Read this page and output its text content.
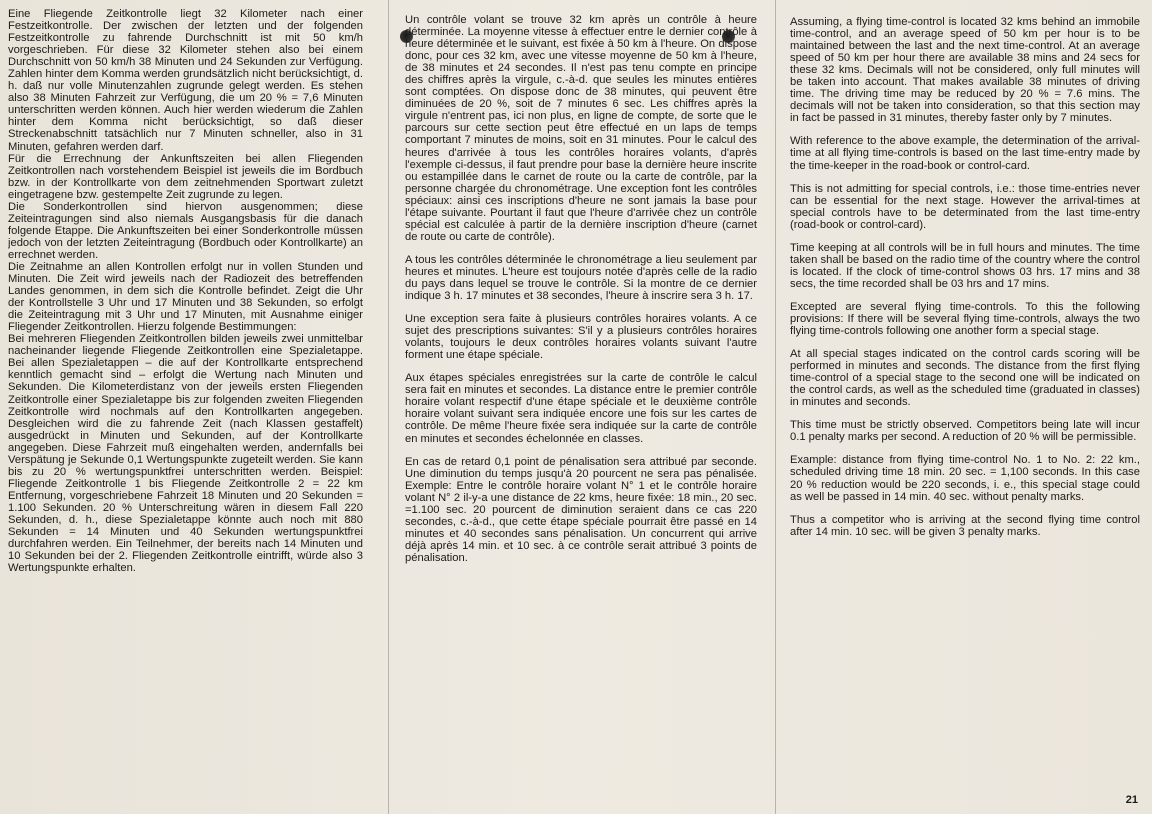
Eine Fliegende Zeitkontrolle liegt 32 Kilometer nach einer Festzeitkontrolle. Der zwischen der letzten und der folgenden Festzeitkontrolle zu fahrende Durchschnitt ist mit 50 km/h vorgeschrieben. Für diese 32 Kilometer stehen also bei einem Durchschnitt von 50 km/h 38 Minuten und 24 Sekunden zur Verfügung. Zahlen hinter dem Komma werden grundsätzlich nicht berücksichtigt, d. h. daß nur volle Minutenzahlen zugrunde gelegt werden. Es stehen also 38 Minuten Fahrzeit zur Verfügung, die um 20 % = 7,6 Minuten unterschritten werden können. Auch hier werden wiederum die Zahlen hinter dem Komma nicht berücksichtigt, so daß dieser Streckenabschnitt tatsächlich nur 7 Minuten schneller, also in 31 Minuten, gefahren werden darf.

Für die Errechnung der Ankunftszeiten bei allen Fliegenden Zeitkontrollen nach vorstehendem Beispiel ist jeweils die im Bordbuch bzw. in der Kontrollkarte von dem zeitnehmenden Sportwart zuletzt eingetragene bzw. gestempelte Zeit zugrunde zu legen.

Die Sonderkontrollen sind hiervon ausgenommen; diese Zeiteintragungen sind also niemals Ausgangsbasis für die danach folgende Etappe. Die Ankunftszeiten bei einer Sonderkontrolle müssen jedoch von der letzten Zeiteintragung (Bordbuch oder Kontrollkarte) an errechnet werden.

Die Zeitnahme an allen Kontrollen erfolgt nur in vollen Stunden und Minuten. Die Zeit wird jeweils nach der Radiozeit des betreffenden Landes genommen, in dem sich die Kontrolle befindet. Zeigt die Uhr der Kontrollstelle 3 Uhr und 17 Minuten und 38 Sekunden, so erfolgt die Zeiteintragung mit 3 Uhr und 17 Minuten, mit Ausnahme einiger Fliegender Zeitkontrollen. Hierzu folgende Bestimmungen:

Bei mehreren Fliegenden Zeitkontrollen bilden jeweils zwei unmittelbar nacheinander liegende Fliegende Zeitkontrollen eine Spezialetappe. Bei allen Spezialetappen – die auf der Kontrollkarte entsprechend kenntlich gemacht sind – erfolgt die Wertung nach Minuten und Sekunden. Die Kilometerdistanz von der jeweils ersten Fliegenden Zeitkontrolle einer Spezialetappe bis zur folgenden zweiten Fliegenden Zeitkontrolle wird nochmals auf den Kontrollkarten angegeben. Desgleichen wird die zu fahrende Zeit (nach Klassen gestaffelt) ausgedrückt in Minuten und Sekunden, auf der Kontrollkarte angegeben. Diese Fahrzeit muß eingehalten werden, andernfalls bei Verspätung je Sekunde 0,1 Wertungspunkte zugeteilt werden. Sie kann bis zu 20 % wertungspunktfrei unterschritten werden. Beispiel: Fliegende Zeitkontrolle 1 bis Fliegende Zeitkontrolle 2 = 22 km Entfernung, vorgeschriebene Fahrzeit 18 Minuten und 20 Sekunden = 1.100 Sekunden. 20 % Unterschreitung wären in diesem Fall 220 Sekunden, d. h., diese Spezialetappe könnte auch noch mit 880 Sekunden = 14 Minuten und 40 Sekunden wertungspunktfrei durchfahren werden. Ein Teilnehmer, der bereits nach 14 Minuten und 10 Sekunden bei der 2. Fliegenden Zeitkontrolle eintrifft, würde also 3 Wertungspunkte erhalten.

Un contrôle volant se trouve 32 km après un contrôle à heure déterminée. La moyenne vitesse à effectuer entre le dernier contrôle à heure déterminée et le suivant, est fixée à 50 km à l'heure. On dispose donc, pour ces 32 km, avec une vitesse moyenne de 50 km à l'heure, de 38 minutes et 24 secondes. Il n'est pas tenu compte en principe des chiffres après la virgule, c.-à-d. que seules les minutes entières sont comptées. On dispose donc de 38 minutes, qui peuvent être diminuées de 20 %, soit de 7 minutes 6 sec. Les chiffres après la virgule n'entrent pas, ici non plus, en ligne de compte, de sorte que le parcours sur cette section peut être effectué en un laps de temps comportant 7 minutes de moins, soit en 31 minutes. Pour le calcul des heures d'arrivée à tous les contrôles horaires volants, d'après l'exemple ci-dessus, il faut prendre pour base la dernière heure inscrite ou estampillée dans le carnet de route ou la carte de contrôle, par la personne chargée du chronométrage. Une exception font les contrôles spéciaux: ainsi ces inscriptions d'heure ne sont jamais la base pour l'étape suivante. Pourtant il faut que l'heure d'arrivée chez un contrôle spécial est calculée à partir de la dernière inscription d'heure (carnet de route ou carte de contrôle).

A tous les contrôles déterminée le chronométrage a lieu seulement par heures et minutes. L'heure est toujours notée d'après celle de la radio du pays dans lequel se trouve le contrôle. Si la montre de ce dernier indique 3 h. 17 minutes et 38 secondes, l'heure à inscrire sera 3 h. 17.

Une exception sera faite à plusieurs contrôles horaires volants. A ce sujet des prescriptions suivantes: S'il y a plusieurs contrôles horaires volants, toujours le deux contrôles horaires volants suivant l'autre forment une étape spéciale.

Aux étapes spéciales enregistrées sur la carte de contrôle le calcul sera fait en minutes et secondes. La distance entre le premier contrôle horaire volant respectif d'une étape spéciale et le deuxième contrôle horaire volant suivant sera indiquée encore une fois sur les cartes de contrôle. De même l'heure fixée sera indiquée sur la carte de contrôle en minutes et secondes échelonnée en classes.

En cas de retard 0,1 point de pénalisation sera attribué par seconde. Une diminution du temps jusqu'à 20 pourcent ne sera pas pénalisée. Exemple: Entre le contrôle horaire volant N° 1 et le contrôle horaire volant N° 2 il-y-a une distance de 22 kms, heure fixée: 18 min., 20 sec. =1.100 sec. 20 pourcent de diminution seraient dans ce cas 220 secondes, c.-à-d., que cette étape spéciale pourrait être passé en 14 minutes et 40 secondes sans pénalisation. Un concurrent qui arrive déjà après 14 min. et 10 sec. à ce contrôle serait attribué 3 points de pénalisation.

Assuming, a flying time-control is located 32 kms behind an immobile time-control, and an average speed of 50 km per hour is to be maintained between the last and the next time-control. At an average speed of 50 km per hour there are available 38 mins and 24 secs for these 32 kms. Decimals will not be considered, only full minutes will be taken into account. That makes available 38 minutes of driving time. The driving time may be reduced by 20 % = 7.6 mins. The decimals will not be taken into consideration, so that this section may in fact be passed in 31 minutes, thereby faster only by 7 minutes.

With reference to the above example, the determination of the arrival-time at all flying time-controls is based on the last time-entry made by the time-keeper in the road-book or control-card.

This is not admitting for special controls, i.e.: those time-entries never can be essential for the next stage. However the arrival-times at special controls have to be determinated from the last time-entry (road-book or control-card).

Time keeping at all controls will be in full hours and minutes. The time taken shall be based on the radio time of the country where the control is located. If the clock of time-control shows 03 hrs. 17 mins and 38 secs, the time recorded shall be 03 hrs and 17 mins.

Excepted are several flying time-controls. To this the following provisions: If there will be several flying time-controls, always the two flying time-controls following one another form a special stage.

At all special stages indicated on the control cards scoring will be performed in minutes and seconds. The distance from the first flying time-control of a special stage to the second one will be indicated on the control cards, as well as the scheduled time (graduated in classes) in minutes and seconds.

This time must be strictly observed. Competitors being late will incur 0.1 penalty marks per second. A reduction of 20 % will be permissible.

Example: distance from flying time-control No. 1 to No. 2: 22 km., scheduled driving time 18 min. 20 sec. = 1,100 seconds. In this case 20 % reduction would be 220 seconds, i. e., this special stage could as well be passed in 14 min. 40 sec. without penalty marks.

Thus a competitor who is arriving at the second flying time control after 14 min. 10 sec. will be given 3 penalty marks.

21
